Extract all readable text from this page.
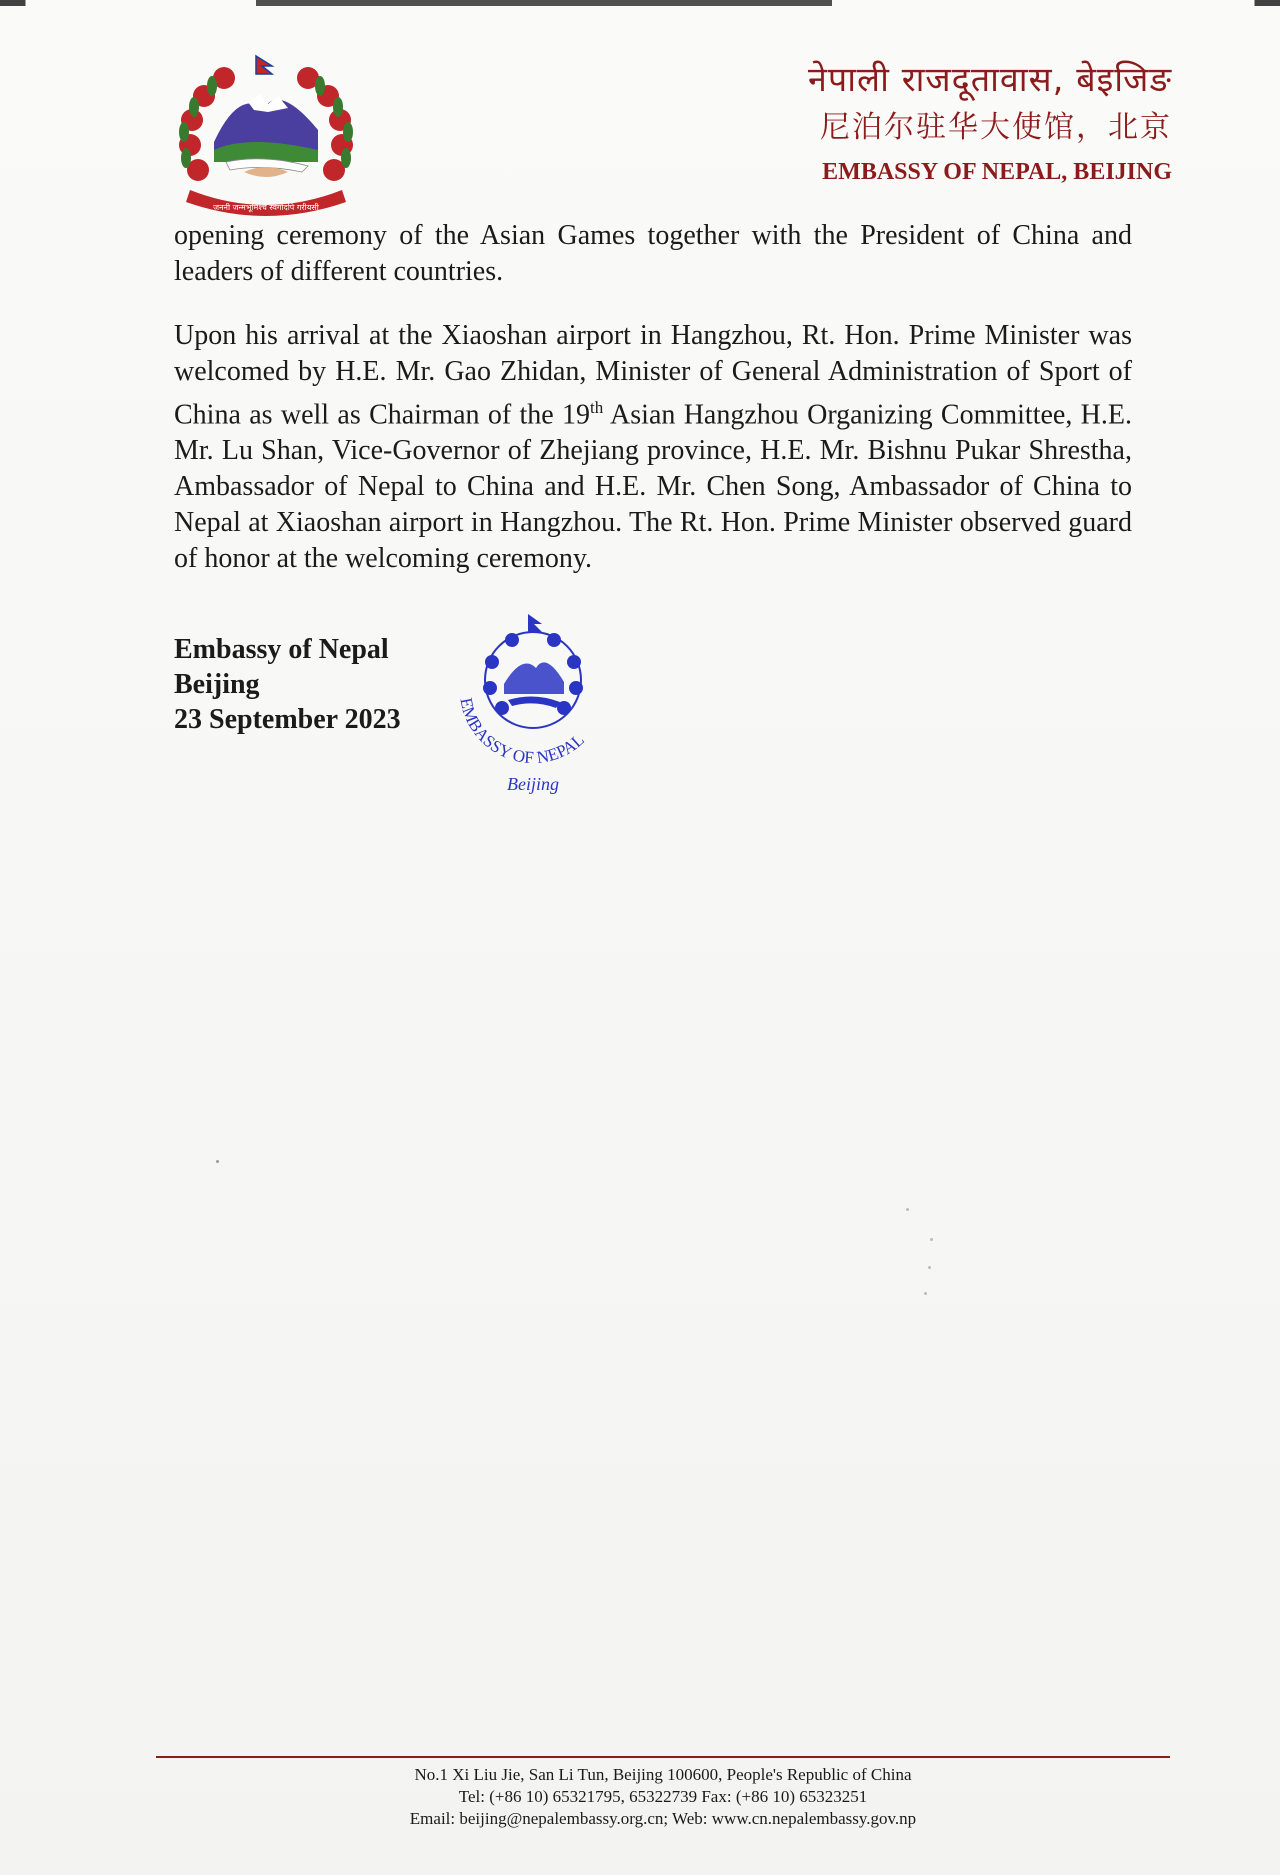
जननी जन्मभूमिश्च स्वर्गादपि गरीयसी
नेपाली राजदूतावास, बेइजिङ
尼泊尔驻华大使馆，北京
EMBASSY OF NEPAL, BEIJING

opening ceremony of the Asian Games together with the President of China and leaders of different countries.

Upon his arrival at the Xiaoshan airport in Hangzhou, Rt. Hon. Prime Minister was welcomed by H.E. Mr. Gao Zhidan, Minister of General Administration of Sport of China as well as Chairman of the 19th Asian Hangzhou Organizing Committee, H.E. Mr. Lu Shan, Vice-Governor of Zhejiang province, H.E. Mr. Bishnu Pukar Shrestha, Ambassador of Nepal to China and H.E. Mr. Chen Song, Ambassador of China to Nepal at Xiaoshan airport in Hangzhou. The Rt. Hon. Prime Minister observed guard of honor at the welcoming ceremony.

Embassy of Nepal
Beijing
23 September 2023
EMBASSY OF NEPAL
Beijing
No.1 Xi Liu Jie, San Li Tun, Beijing 100600, People's Republic of China
Tel: (+86 10) 65321795, 65322739 Fax: (+86 10) 65323251
Email: beijing@nepalembassy.org.cn; Web: www.cn.nepalembassy.gov.np
